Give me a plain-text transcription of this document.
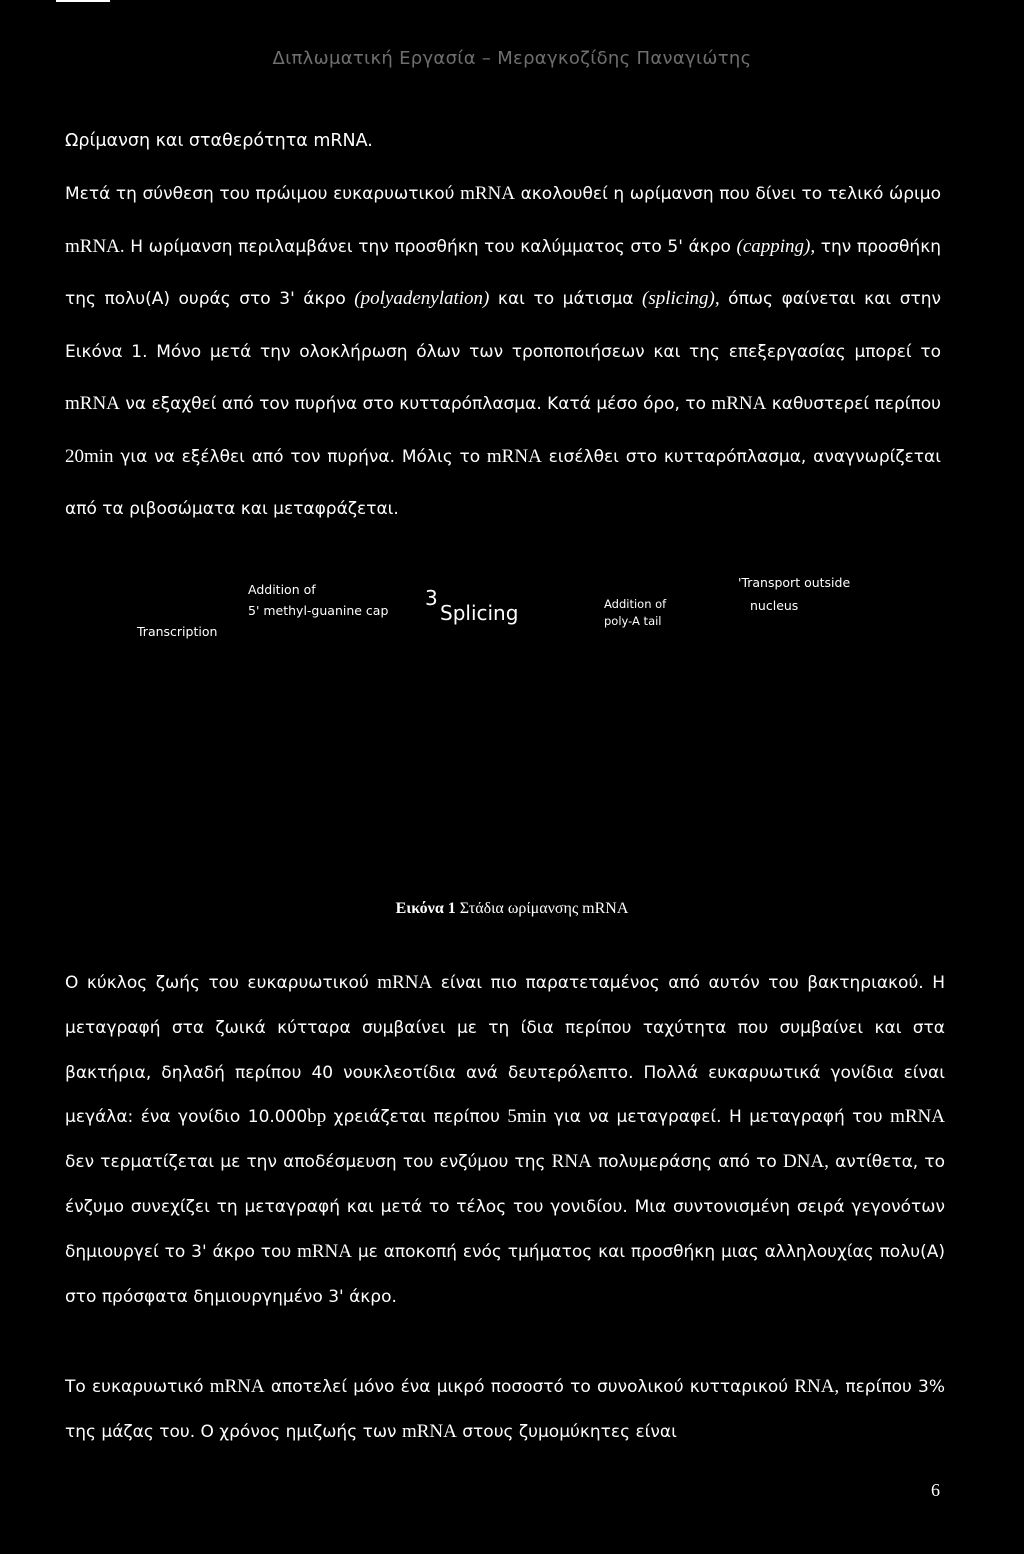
Διπλωματική Εργασία – Μεραγκοζίδης Παναγιώτης
Ωρίμανση και σταθερότητα mRNA.

Μετά τη σύνθεση του πρώιμου ευκαρυωτικού mRNA ακολουθεί η ωρίμανση που δίνει το τελικό ώριμο mRNA. Η ωρίμανση περιλαμβάνει την προσθήκη του καλύμματος στο 5' άκρο (capping), την προσθήκη της πολυ(Α) ουράς στο 3' άκρο (polyadenylation) και το μάτισμα (splicing), όπως φαίνεται και στην Εικόνα 1. Μόνο μετά την ολοκλήρωση όλων των τροποποιήσεων και της επεξεργασίας μπορεί το mRNA να εξαχθεί από τον πυρήνα στο κυτταρόπλασμα. Κατά μέσο όρο, το mRNA καθυστερεί περίπου 20min για να εξέλθει από τον πυρήνα. Μόλις το mRNA εισέλθει στο κυτταρόπλασμα, αναγνωρίζεται από τα ριβοσώματα και μεταφράζεται.

Transcription
Addition of
5' methyl-guanine cap
3
Splicing	Addition of
poly-A tail
'Transport outside
nucleus
Εικόνα 1 Στάδια ωρίμανσης mRNA

Ο κύκλος ζωής του ευκαρυωτικού mRNA είναι πιο παρατεταμένος από αυτόν του βακτηριακού. Η μεταγραφή στα ζωικά κύτταρα συμβαίνει με τη ίδια περίπου ταχύτητα που συμβαίνει και στα βακτήρια, δηλαδή περίπου 40 νουκλεοτίδια ανά δευτερόλεπτο. Πολλά ευκαρυωτικά γονίδια είναι μεγάλα: ένα γονίδιο 10.000bp χρειάζεται περίπου 5min για να μεταγραφεί. Η μεταγραφή του mRNA δεν τερματίζεται με την αποδέσμευση του ενζύμου της RNA πολυμεράσης από το DNA, αντίθετα, το ένζυμο συνεχίζει τη μεταγραφή και μετά το τέλος του γονιδίου. Μια συντονισμένη σειρά γεγονότων δημιουργεί το 3' άκρο του mRNA με αποκοπή ενός τμήματος και προσθήκη μιας αλληλουχίας πολυ(Α) στο πρόσφατα δημιουργημένο 3' άκρο.

Το ευκαρυωτικό mRNA αποτελεί μόνο ένα μικρό ποσοστό το συνολικού κυτταρικού RNA, περίπου 3% της μάζας του. Ο χρόνος ημιζωής των mRNA στους ζυμομύκητες είναι

6
